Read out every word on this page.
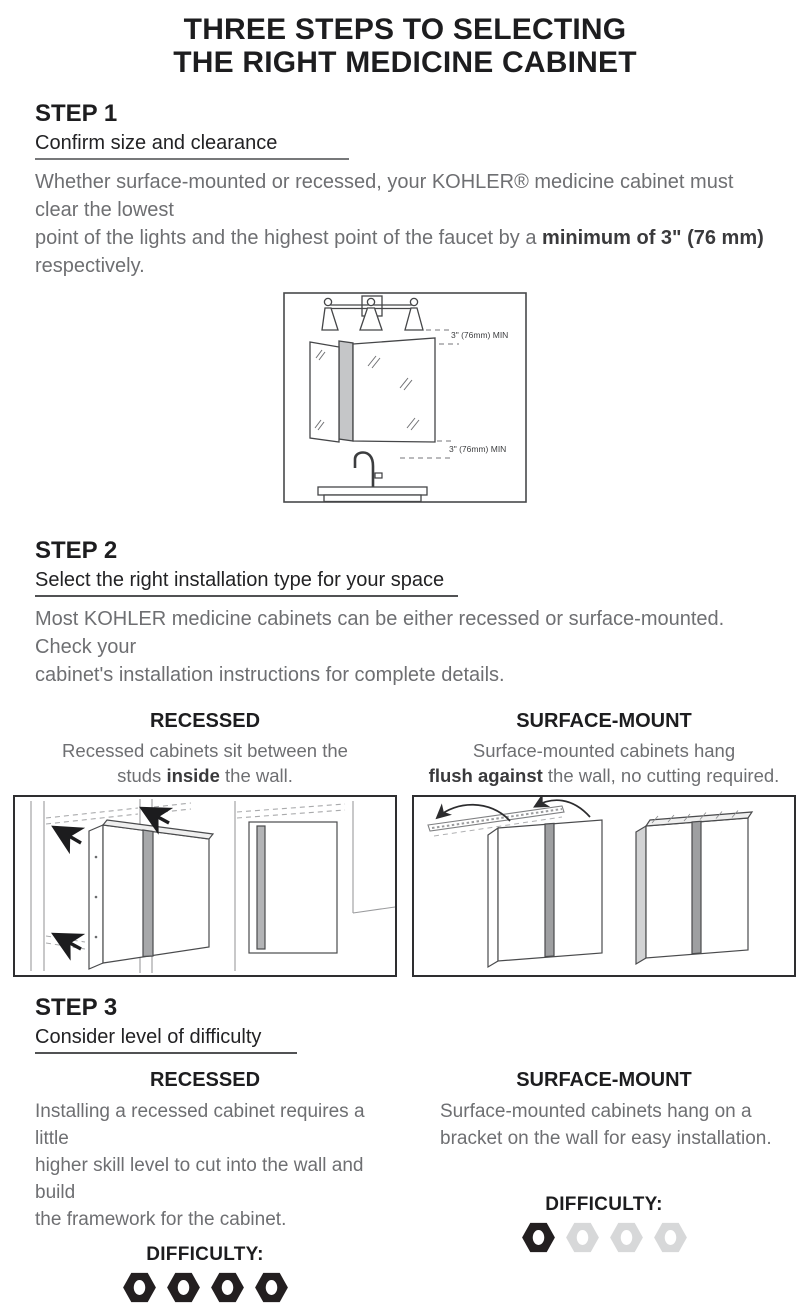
THREE STEPS TO SELECTING
THE RIGHT MEDICINE CABINET
STEP 1
Confirm size and clearance

Whether surface-mounted or recessed, your KOHLER® medicine cabinet must clear the lowest
point of the lights and the highest point of the faucet by a minimum of 3" (76 mm) respectively.

3" (76mm) MIN
3" (76mm) MIN
STEP 2
Select the right installation type for your space

Most KOHLER medicine cabinets can be either recessed or surface-mounted. Check your
cabinet's installation instructions for complete details.

RECESSED

Recessed cabinets sit between the
studs inside the wall.

SURFACE-MOUNT

Surface-mounted cabinets hang
flush against the wall, no cutting required.

STEP 3
Consider level of difficulty
RECESSED

Installing a recessed cabinet requires a little
higher skill level to cut into the wall and build
the framework for the cabinet.

DIFFICULTY:
SURFACE-MOUNT

Surface-mounted cabinets hang on a
bracket on the wall for easy installation.

DIFFICULTY:
